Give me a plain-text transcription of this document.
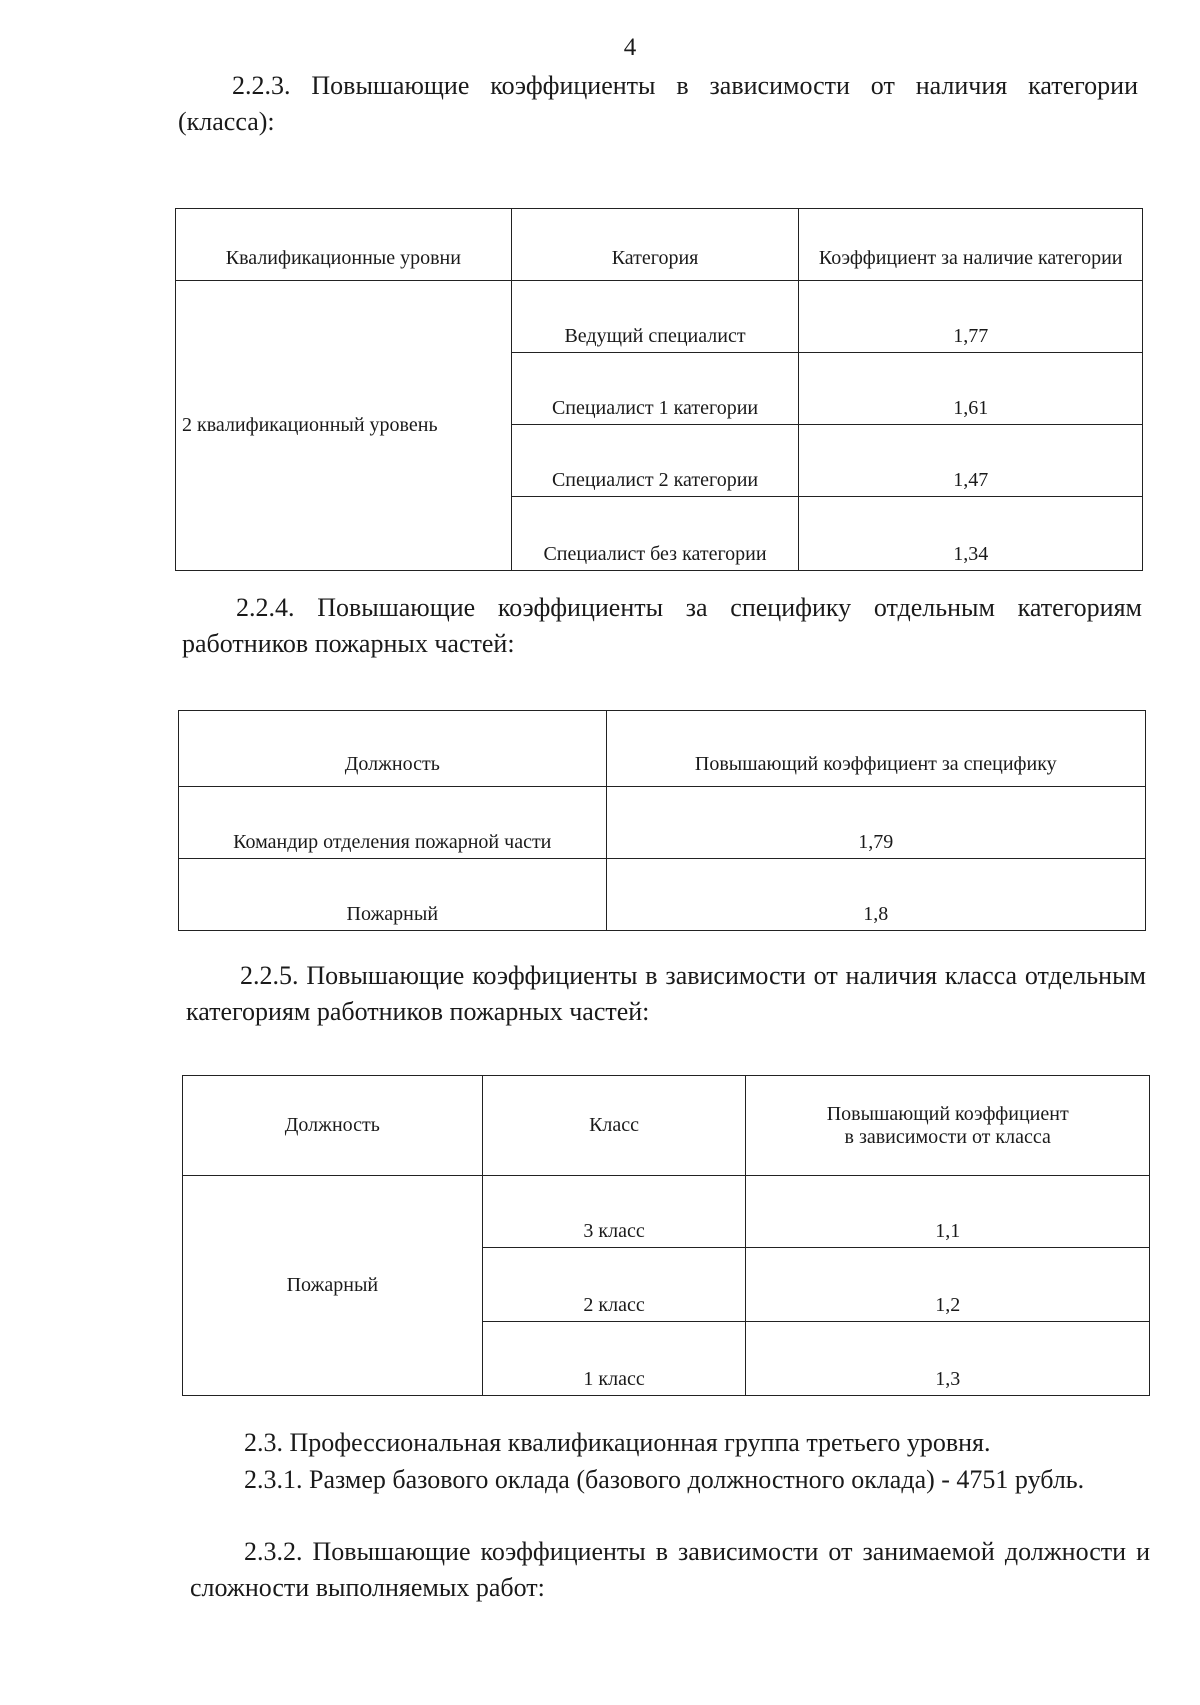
4

2.2.3. Повышающие коэффициенты в зависимости от наличия категории (класса):

Квалификационные уровни	Категория	Коэффициент за наличие категории
2 квалификационный уровень	Ведущий специалист	1,77
	Специалист 1 категории	1,61
	Специалист 2 категории	1,47
	Специалист без категории	1,34

2.2.4. Повышающие коэффициенты за специфику отдельным категориям работников пожарных частей:

Должность	Повышающий коэффициент за специфику
Командир отделения пожарной части	1,79
Пожарный	1,8

2.2.5. Повышающие коэффициенты в зависимости от наличия класса отдельным категориям работников пожарных частей:

Должность	Класс	Повышающий коэффициент
в зависимости от класса

Пожарный	3 класс	1,1
	2 класс	1,2
	1 класс	1,3

2.3. Профессиональная квалификационная группа третьего уровня.

2.3.1. Размер базового оклада (базового должностного оклада) - 4751 рубль.

2.3.2. Повышающие коэффициенты в зависимости от занимаемой должности и сложности выполняемых работ:
